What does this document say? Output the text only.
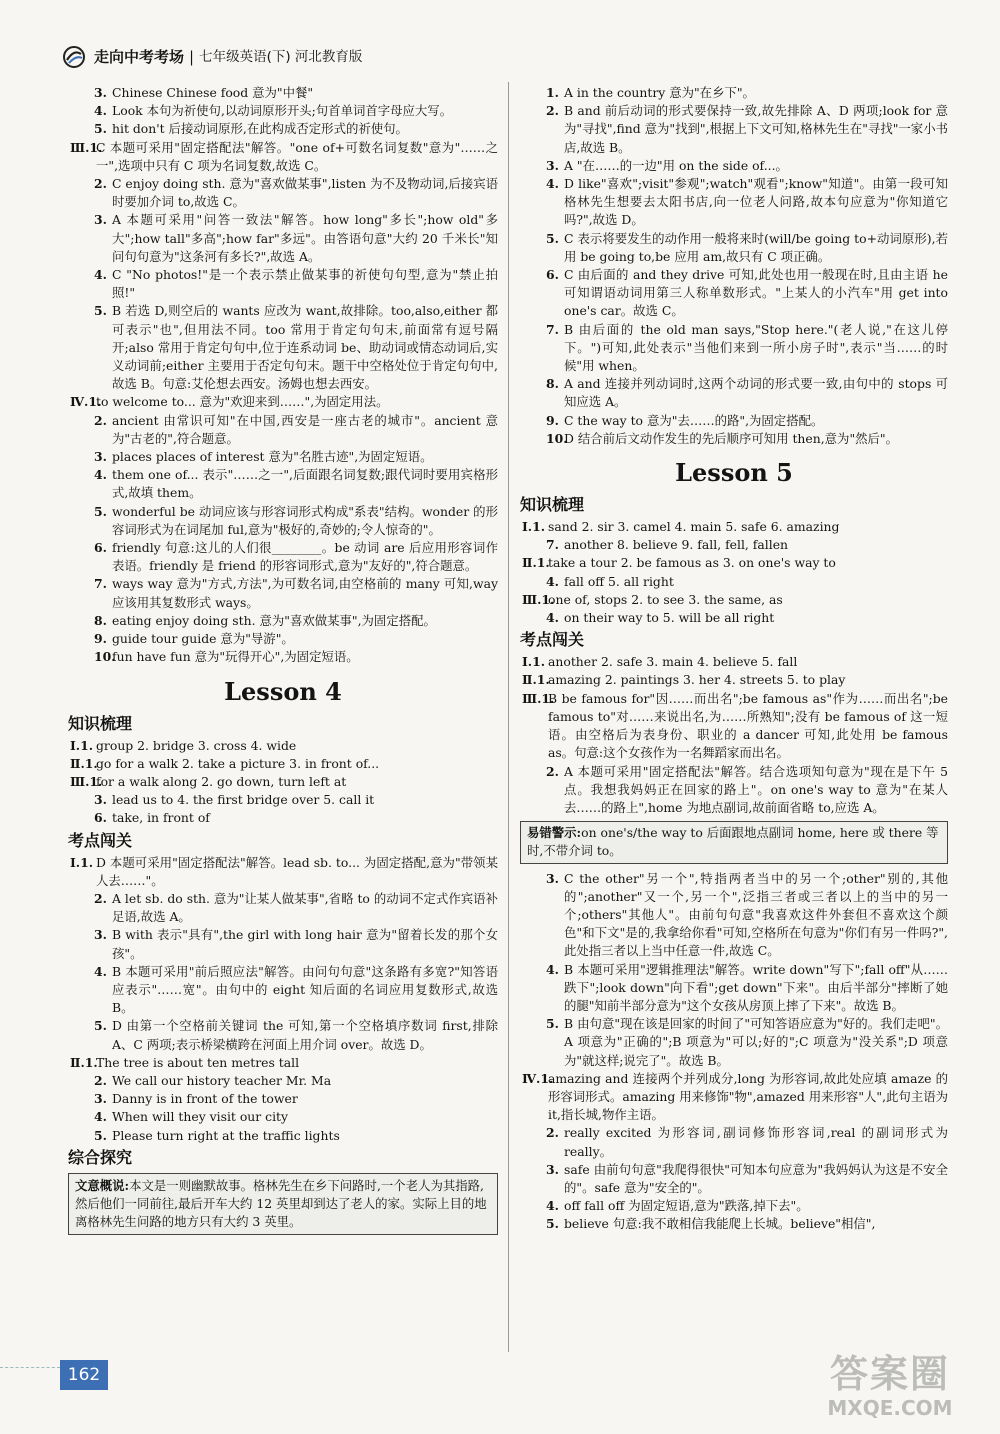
走向中考考场 | 七年级英语(下) 河北教育版
3. Chinese Chinese food 意为"中餐"
4. Look 本句为祈使句,以动词原形开头;句首单词首字母应大写。
5. hit don't 后接动词原形,在此构成否定形式的祈使句。
Ⅲ.1.
C 本题可采用"固定搭配法"解答。"one of+可数名词复数"意为"……之一",选项中只有 C 项为名词复数,故选 C。
2. C enjoy doing sth. 意为"喜欢做某事",listen 为不及物动词,后接宾语时要加介词 to,故选 C。
3. A 本题可采用"问答一致法"解答。how long"多长";how old"多大";how tall"多高";how far"多远"。由答语句意"大约 20 千米长"知问句句意为"这条河有多长?",故选 A。
4. C "No photos!"是一个表示禁止做某事的祈使句句型,意为"禁止拍照!"
5. B 若选 D,则空后的 wants 应改为 want,故排除。too,also,either 都可表示"也",但用法不同。too 常用于肯定句句末,前面常有逗号隔开;also 常用于肯定句句中,位于连系动词 be、助动词或情态动词后,实义动词前;either 主要用于否定句句末。题干中空格处位于肯定句句中,故选 B。句意:艾伦想去西安。汤姆也想去西安。
Ⅳ.1.
to welcome to... 意为"欢迎来到……",为固定用法。
2. ancient 由常识可知"在中国,西安是一座古老的城市"。ancient 意为"古老的",符合题意。
3. places places of interest 意为"名胜古迹",为固定短语。
4. them one of... 表示"……之一",后面跟名词复数;跟代词时要用宾格形式,故填 them。
5. wonderful be 动词应该与形容词形式构成"系表"结构。wonder 的形容词形式为在词尾加 ful,意为"极好的,奇妙的;令人惊奇的"。
6. friendly 句意:这儿的人们很________。be 动词 are 后应用形容词作表语。friendly 是 friend 的形容词形式,意为"友好的",符合题意。
7. ways way 意为"方式,方法",为可数名词,由空格前的 many 可知,way 应该用其复数形式 ways。
8. eating enjoy doing sth. 意为"喜欢做某事",为固定搭配。
9. guide tour guide 意为"导游"。
10.
fun have fun 意为"玩得开心",为固定短语。
Lesson 4
知识梳理
Ⅰ.1. group 2. bridge 3. cross 4. wide
Ⅱ.1.
go for a walk 2. take a picture 3. in front of...
Ⅲ.1.
for a walk along 2. go down, turn left at
3. lead us to 4. the first bridge over 5. call it
6. take, in front of
考点闯关
Ⅰ.1. D 本题可采用"固定搭配法"解答。lead sb. to... 为固定搭配,意为"带领某人去……"。
2. A let sb. do sth. 意为"让某人做某事",省略 to 的动词不定式作宾语补足语,故选 A。
3. B with 表示"具有",the girl with long hair 意为"留着长发的那个女孩"。
4. B 本题可采用"前后照应法"解答。由问句句意"这条路有多宽?"知答语应表示"……宽"。由句中的 eight 知后面的名词应用复数形式,故选 B。
5. D 由第一个空格前关键词 the 可知,第一个空格填序数词 first,排除 A、C 两项;表示桥梁横跨在河面上用介词 over。故选 D。
Ⅱ.1.
The tree is about ten metres tall
2. We call our history teacher Mr. Ma
3. Danny is in front of the tower
4. When will they visit our city
5. Please turn right at the traffic lights
综合探究
文意概说:本文是一则幽默故事。格林先生在乡下问路时,一个老人为其指路,然后他们一同前往,最后开车大约 12 英里却到达了老人的家。实际上目的地离格林先生问路的地方只有大约 3 英里。
1. A in the country 意为"在乡下"。
2. B and 前后动词的形式要保持一致,故先排除 A、D 两项;look for 意为"寻找",find 意为"找到",根据上下文可知,格林先生在"寻找"一家小书店,故选 B。
3. A "在……的一边"用 on the side of...。
4. D like"喜欢";visit"参观";watch"观看";know"知道"。由第一段可知格林先生想要去太阳书店,向一位老人问路,故本句应意为"你知道它吗?",故选 D。
5. C 表示将要发生的动作用一般将来时(will/be going to+动词原形),若用 be going to,be 应用 am,故只有 C 项正确。
6. C 由后面的 and they drive 可知,此处也用一般现在时,且由主语 he 可知谓语动词用第三人称单数形式。"上某人的小汽车"用 get into one's car。故选 C。
7. B 由后面的 the old man says,"Stop here."(老人说,"在这儿停下。")可知,此处表示"当他们来到一所小房子时",表示"当……的时候"用 when。
8. A and 连接并列动词时,这两个动词的形式要一致,由句中的 stops 可知应选 A。
9. C the way to 意为"去……的路",为固定搭配。
10.
D 结合前后文动作发生的先后顺序可知用 then,意为"然后"。
Lesson 5
知识梳理
Ⅰ.1. sand 2. sir 3. camel 4. main 5. safe 6. amazing
7. another 8. believe 9. fall, fell, fallen
Ⅱ.1.
take a tour 2. be famous as 3. on one's way to
4. fall off 5. all right
Ⅲ.1.
one of, stops 2. to see 3. the same, as
4. on their way to 5. will be all right
考点闯关
Ⅰ.1. another 2. safe 3. main 4. believe 5. fall
Ⅱ.1.
amazing 2. paintings 3. her 4. streets 5. to play
Ⅲ.1.
B be famous for"因……而出名";be famous as"作为……而出名";be famous to"对……来说出名,为……所熟知";没有 be famous of 这一短语。由空格后为表身份、职业的 a dancer 可知,此处用 be famous as。句意:这个女孩作为一名舞蹈家而出名。
2. A 本题可采用"固定搭配法"解答。结合选项知句意为"现在是下午 5 点。我想我妈妈正在回家的路上"。on one's way to 意为"在某人去……的路上",home 为地点副词,故前面省略 to,应选 A。
易错警示:on one's/the way to 后面跟地点副词 home, here 或 there 等时,不带介词 to。
3. C the other"另一个",特指两者当中的另一个;other"别的,其他的";another"又一个,另一个",泛指三者或三者以上的当中的另一个;others"其他人"。由前句句意"我喜欢这件外套但不喜欢这个颜色"和下文"是的,我拿给你看"可知,空格所在句意为"你们有另一件吗?",此处指三者以上当中任意一件,故选 C。
4. B 本题可采用"逻辑推理法"解答。write down"写下";fall off"从……跌下";look down"向下看";get down"下来"。由后半部分"摔断了她的腿"知前半部分意为"这个女孩从房顶上摔了下来"。故选 B。
5. B 由句意"现在该是回家的时间了"可知答语应意为"好的。我们走吧"。A 项意为"正确的";B 项意为"可以;好的";C 项意为"没关系";D 项意为"就这样;说完了"。故选 B。
Ⅳ.1.
amazing and 连接两个并列成分,long 为形容词,故此处应填 amaze 的形容词形式。amazing 用来修饰"物",amazed 用来形容"人",此句主语为 it,指长城,物作主语。
2. really excited 为形容词,副词修饰形容词,real 的副词形式为 really。
3. safe 由前句句意"我爬得很快"可知本句应意为"我妈妈认为这是不安全的"。safe 意为"安全的"。
4. off fall off 为固定短语,意为"跌落,掉下去"。
5. believe 句意:我不敢相信我能爬上长城。believe"相信",
162	答案圈
MXQE.COM
